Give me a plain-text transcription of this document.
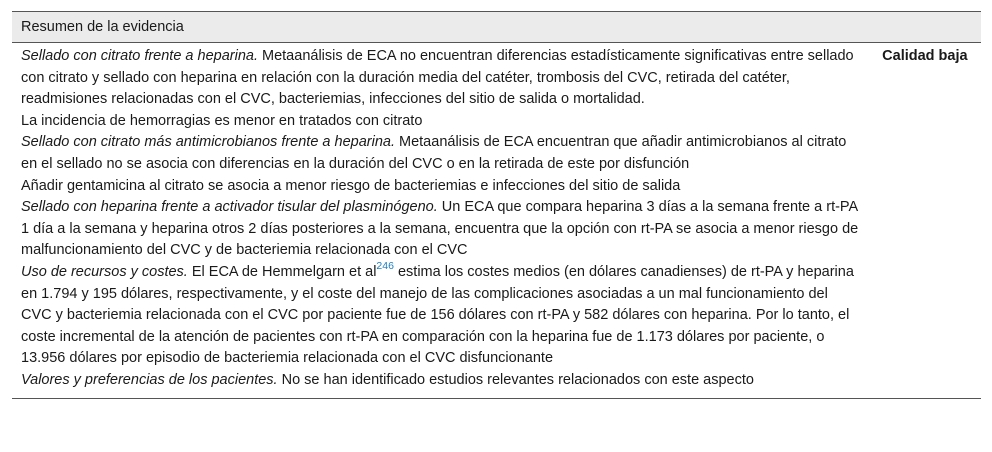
Resumen de la evidencia

Sellado con citrato frente a heparina. Metaanálisis de ECA no encuentran diferencias estadísticamente significativas entre sellado con citrato y sellado con heparina en relación con la duración media del catéter, trombosis del CVC, retirada del catéter, readmisiones relacionadas con el CVC, bacteriemias, infecciones del sitio de salida o mortalidad.

La incidencia de hemorragias es menor en tratados con citrato

Sellado con citrato más antimicrobianos frente a heparina. Metaanálisis de ECA encuentran que añadir antimicrobianos al citrato en el sellado no se asocia con diferencias en la duración del CVC o en la retirada de este por disfunción

Añadir gentamicina al citrato se asocia a menor riesgo de bacteriemias e infecciones del sitio de salida

Sellado con heparina frente a activador tisular del plasminógeno. Un ECA que compara heparina 3 días a la semana frente a rt-PA 1 día a la semana y heparina otros 2 días posteriores a la semana, encuentra que la opción con rt-PA se asocia a menor riesgo de malfuncionamiento del CVC y de bacteriemia relacionada con el CVC

Uso de recursos y costes. El ECA de Hemmelgarn et al$^{246}$ estima los costes medios (en dólares canadienses) de rt-PA y heparina en 1.794 y 195 dólares, respectivamente, y el coste del manejo de las complicaciones asociadas a un mal funcionamiento del CVC y bacteriemia relacionada con el CVC por paciente fue de 156 dólares con rt-PA y 582 dólares con heparina. Por lo tanto, el coste incremental de la atención de pacientes con rt-PA en comparación con la heparina fue de 1.173 dólares por paciente, o 13.956 dólares por episodio de bacteriemia relacionada con el CVC disfuncionante

Valores y preferencias de los pacientes. No se han identificado estudios relevantes relacionados con este aspecto

Calidad baja
